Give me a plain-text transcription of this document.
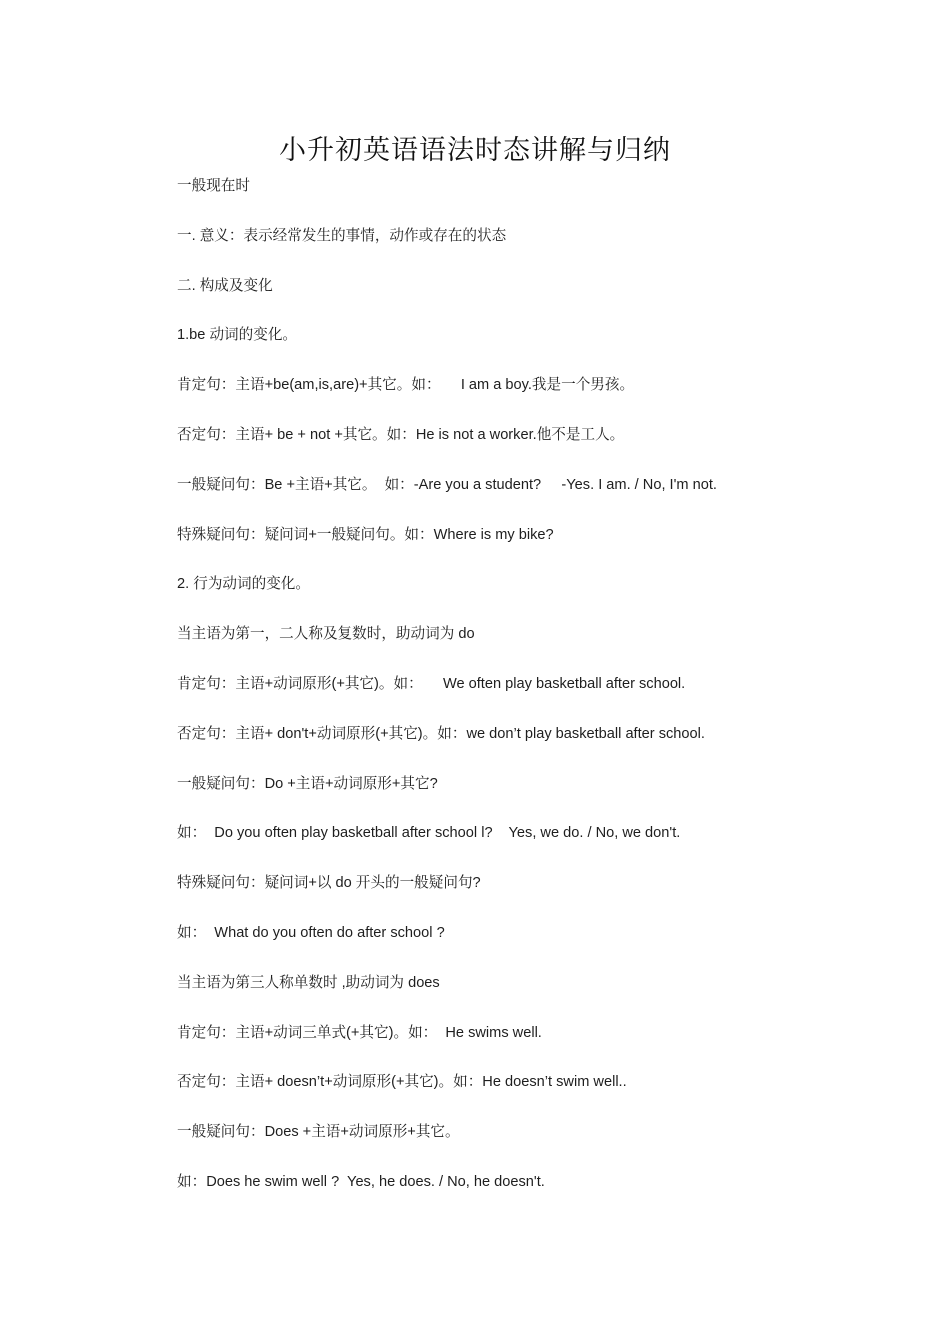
小升初英语语法时态讲解与归纳
一般现在时
一. 意义：表示经常发生的事情，动作或存在的状态
二. 构成及变化
1.be 动词的变化。
肯定句：主语+be(am,is,are)+其它。如：     I am a boy.我是一个男孩。
否定句：主语+ be + not +其它。如：He is not a worker.他不是工人。
一般疑问句：Be +主语+其它。  如：-Are you a student?     -Yes. I am. / No, I'm not.
特殊疑问句：疑问词+一般疑问句。如：Where is my bike?
2. 行为动词的变化。
当主语为第一，二人称及复数时，助动词为 do
肯定句：主语+动词原形(+其它)。如：     We often play basketball after school.
否定句：主语+ don't+动词原形(+其它)。如：we don’t play basketball after school.
一般疑问句：Do +主语+动词原形+其它?
如：  Do you often play basketball after school l?    Yes, we do. / No, we don't.
特殊疑问句：疑问词+以 do 开头的一般疑问句?
如：  What do you often do after school ?
当主语为第三人称单数时 ,助动词为 does
肯定句：主语+动词三单式(+其它)。如：  He swims well.
否定句：主语+ doesn’t+动词原形(+其它)。如：He doesn’t swim well..
一般疑问句：Does +主语+动词原形+其它。
如：Does he swim well ?  Yes, he does. / No, he doesn't.
